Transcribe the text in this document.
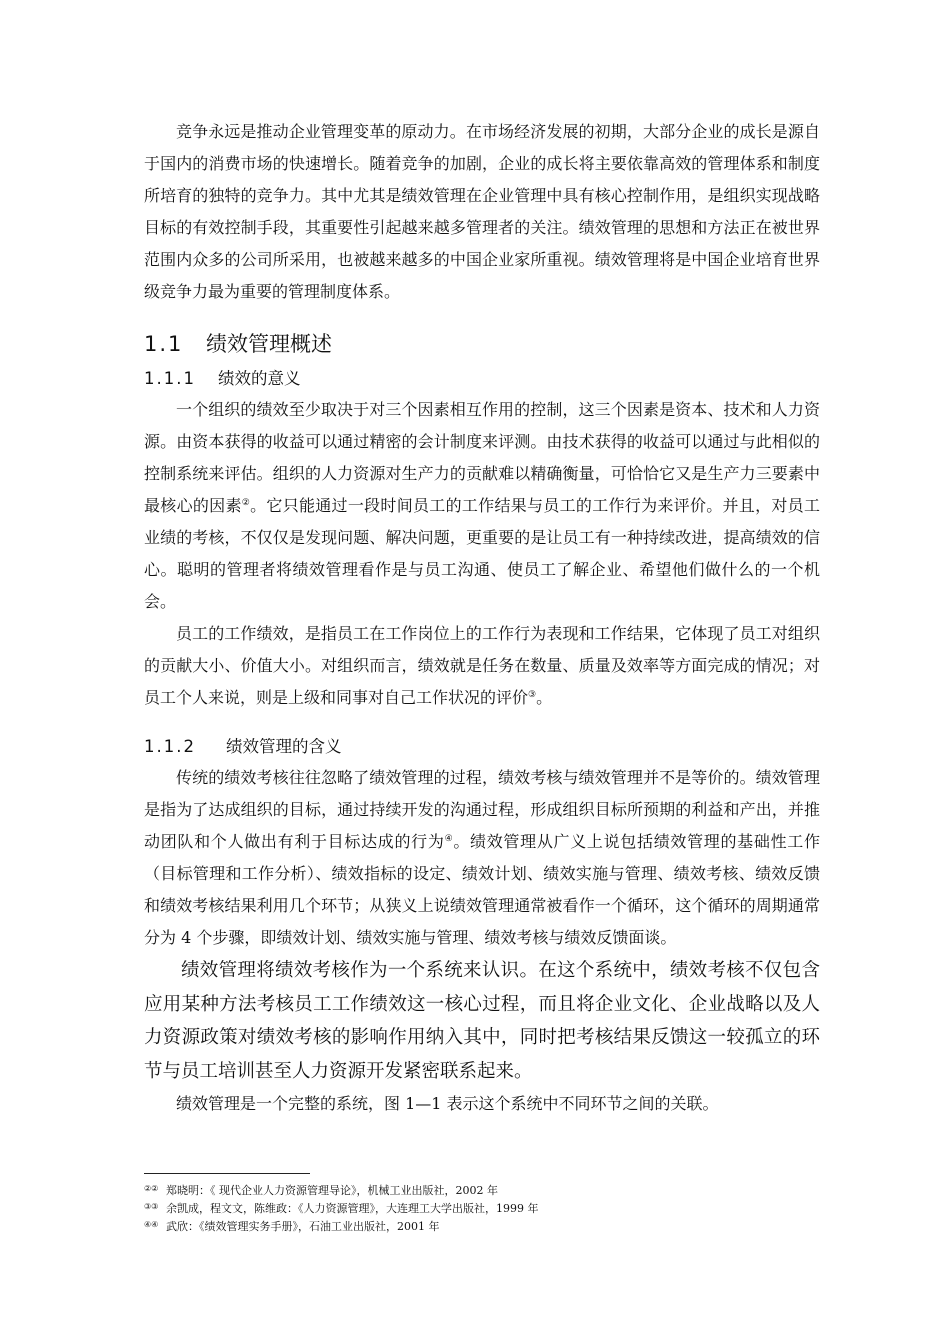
竞争永远是推动企业管理变革的原动力。在市场经济发展的初期，大部分企业的成长是源自于国内的消费市场的快速增长。随着竞争的加剧，企业的成长将主要依靠高效的管理体系和制度所培育的独特的竞争力。其中尤其是绩效管理在企业管理中具有核心控制作用，是组织实现战略目标的有效控制手段，其重要性引起越来越多管理者的关注。绩效管理的思想和方法正在被世界范围内众多的公司所采用，也被越来越多的中国企业家所重视。绩效管理将是中国企业培育世界级竞争力最为重要的管理制度体系。

1.1 绩效管理概述
1.1.1 绩效的意义

一个组织的绩效至少取决于对三个因素相互作用的控制，这三个因素是资本、技术和人力资源。由资本获得的收益可以通过精密的会计制度来评测。由技术获得的收益可以通过与此相似的控制系统来评估。组织的人力资源对生产力的贡献难以精确衡量，可恰恰它又是生产力三要素中最核心的因素②。它只能通过一段时间员工的工作结果与员工的工作行为来评价。并且，对员工业绩的考核，不仅仅是发现问题、解决问题，更重要的是让员工有一种持续改进，提高绩效的信心。聪明的管理者将绩效管理看作是与员工沟通、使员工了解企业、希望他们做什么的一个机会。

员工的工作绩效，是指员工在工作岗位上的工作行为表现和工作结果，它体现了员工对组织的贡献大小、价值大小。对组织而言，绩效就是任务在数量、质量及效率等方面完成的情况；对员工个人来说，则是上级和同事对自己工作状况的评价③。

1.1.2 绩效管理的含义

传统的绩效考核往往忽略了绩效管理的过程，绩效考核与绩效管理并不是等价的。绩效管理是指为了达成组织的目标，通过持续开发的沟通过程，形成组织目标所预期的利益和产出，并推动团队和个人做出有利于目标达成的行为④。绩效管理从广义上说包括绩效管理的基础性工作（目标管理和工作分析）、绩效指标的设定、绩效计划、绩效实施与管理、绩效考核、绩效反馈和绩效考核结果利用几个环节；从狭义上说绩效管理通常被看作一个循环，这个循环的周期通常分为 4 个步骤，即绩效计划、绩效实施与管理、绩效考核与绩效反馈面谈。

绩效管理将绩效考核作为一个系统来认识。在这个系统中，绩效考核不仅包含应用某种方法考核员工工作绩效这一核心过程，而且将企业文化、企业战略以及人力资源政策对绩效考核的影响作用纳入其中，同时把考核结果反馈这一较孤立的环节与员工培训甚至人力资源开发紧密联系起来。

绩效管理是一个完整的系统，图 1—1 表示这个系统中不同环节之间的关联。

②② 郑晓明：《 现代企业人力资源管理导论》，机械工业出版社，2002 年
③③ 余凯成，程文文，陈维政：《人力资源管理》，大连理工大学出版社，1999 年
④④ 武欣：《绩效管理实务手册》，石油工业出版社，2001 年
